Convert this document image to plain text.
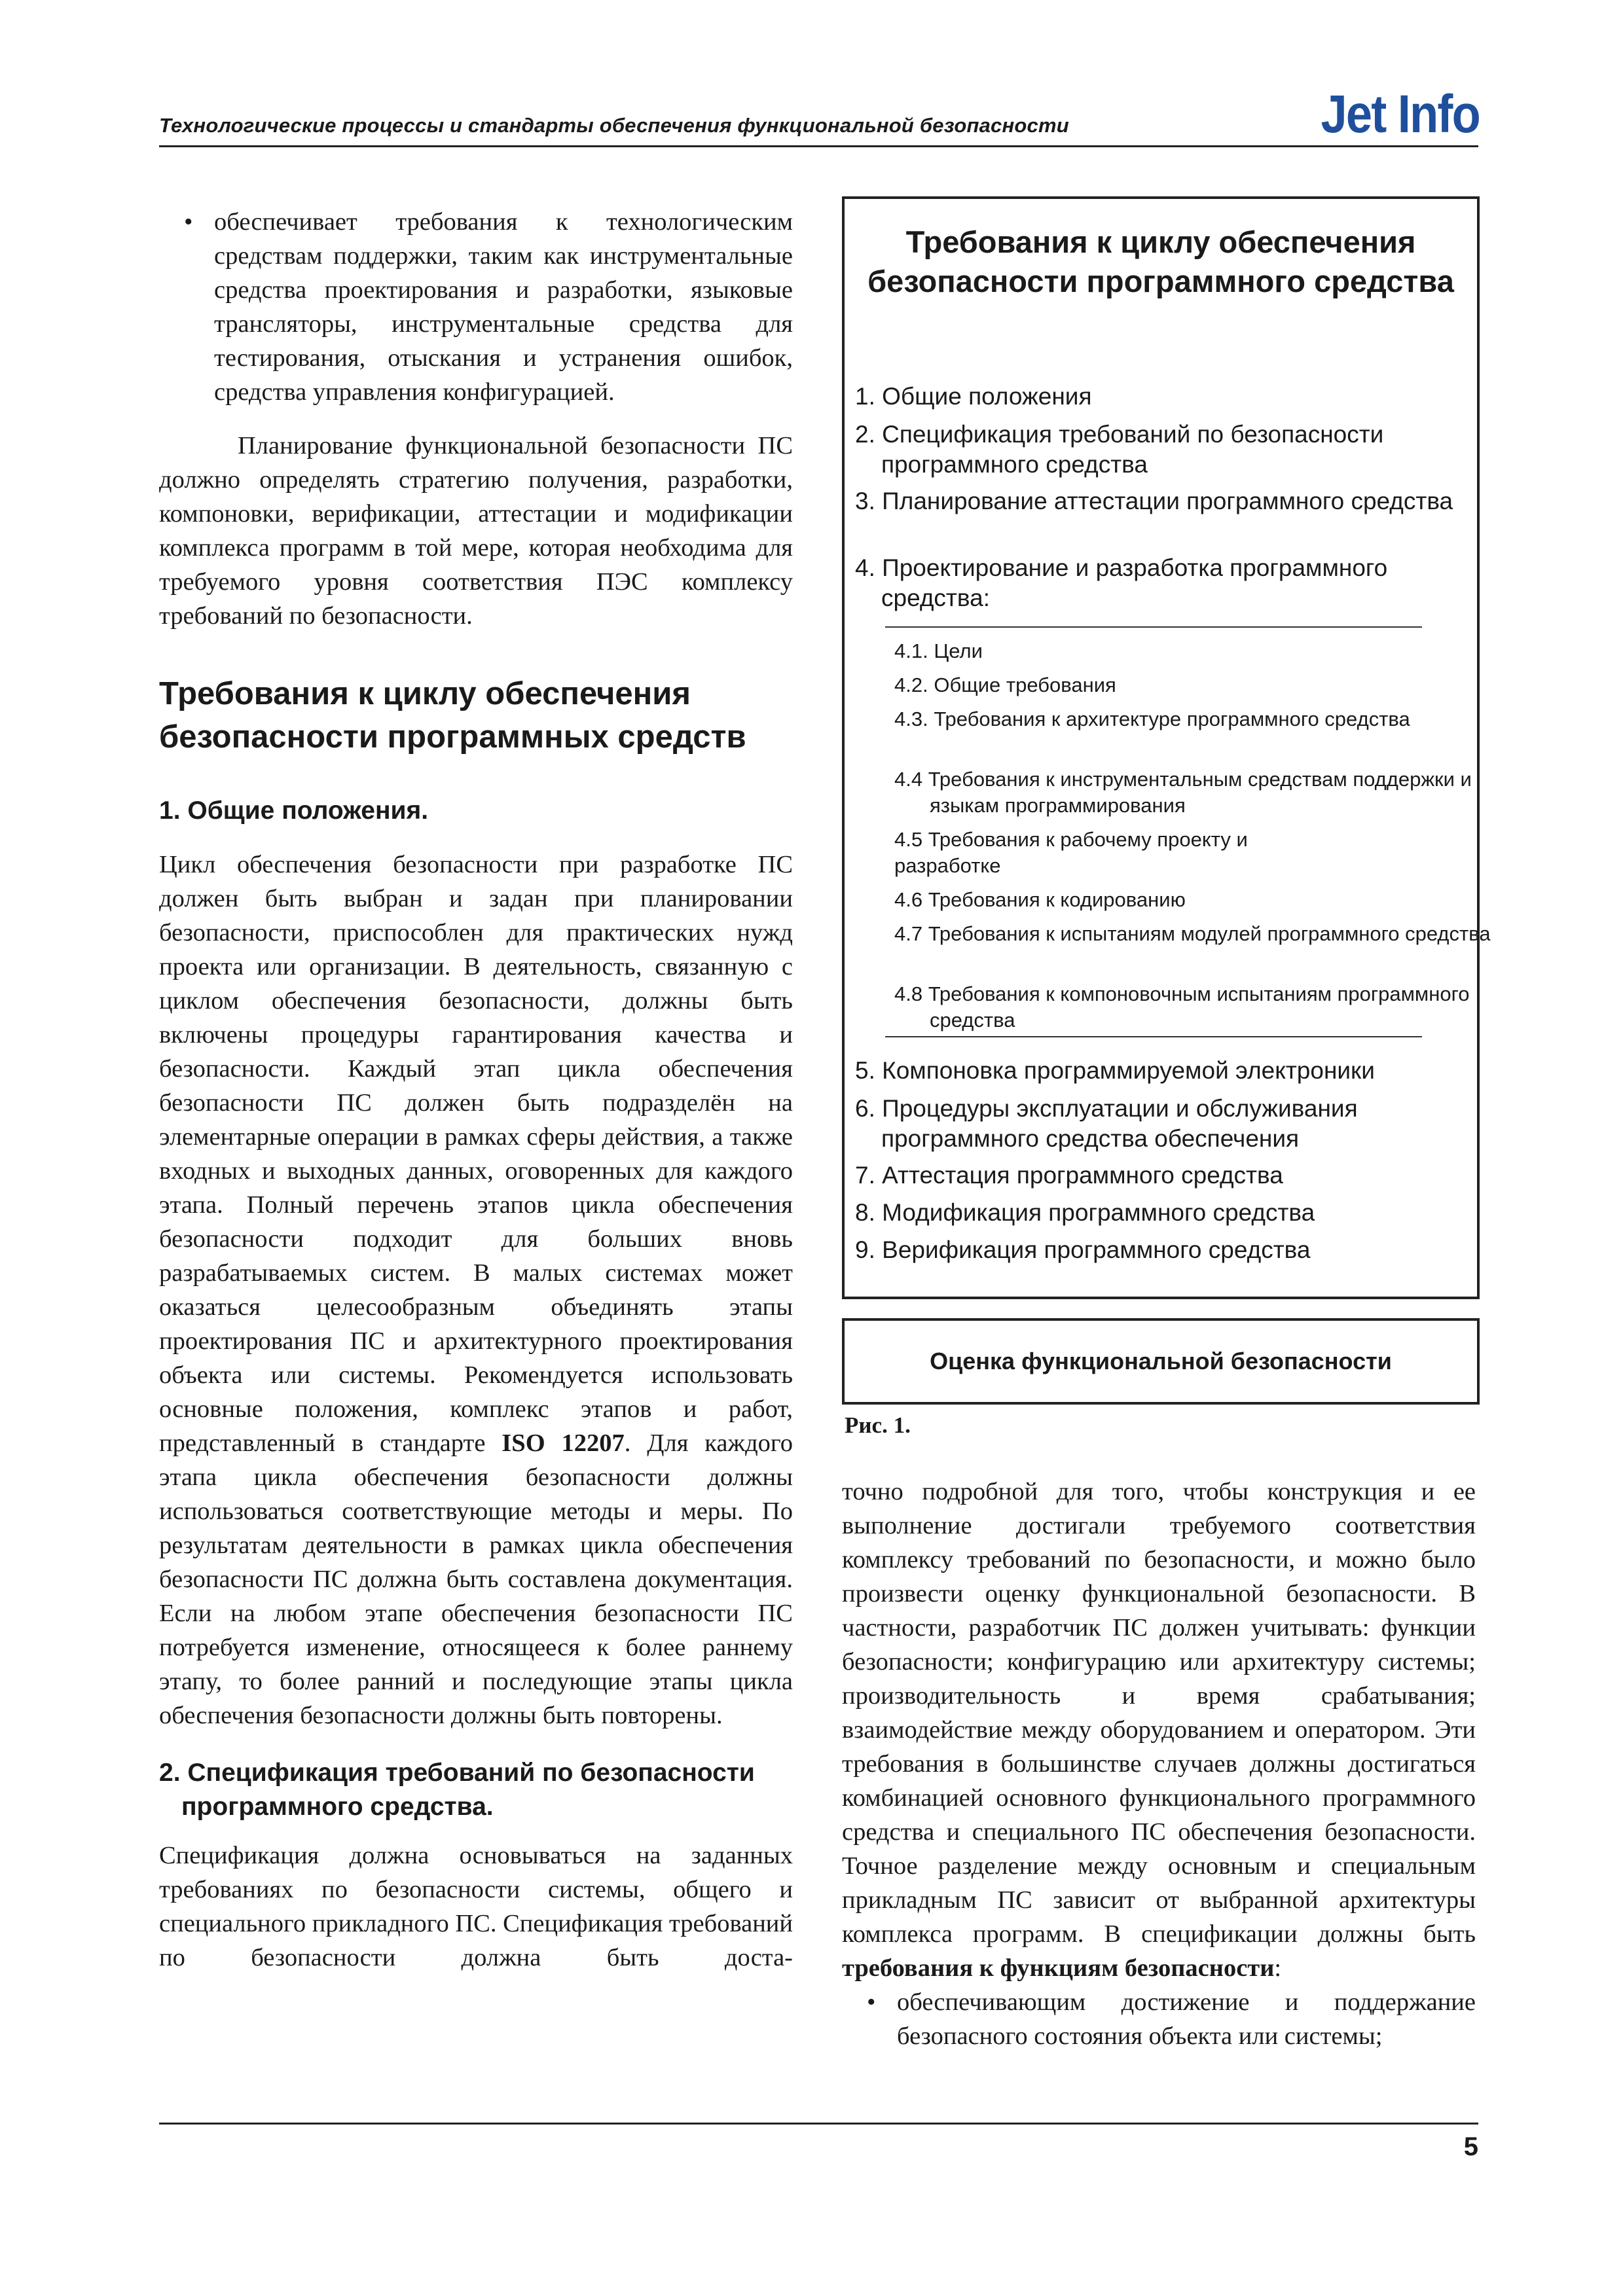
Технологические процессы и стандарты обеспечения функциональной безопасности	Jet Info

• обеспечивает требования к технологическим средствам поддержки, таким как инструментальные средства проектирования и разработки, языковые трансляторы, инструментальные средства для тестирования, отыскания и устранения ошибок, средства управления конфигурацией.

Планирование функциональной безопасности ПС должно определять стратегию получения, разработки, компоновки, верификации, аттестации и модификации комплекса программ в той мере, которая необходима для требуемого уровня соответствия ПЭС комплексу требований по безопасности.

Требования к циклу обеспечения безопасности программных средств
1. Общие положения.

Цикл обеспечения безопасности при разработке ПС должен быть выбран и задан при планировании безопасности, приспособлен для практических нужд проекта или организации. В деятельность, связанную с циклом обеспечения безопасности, должны быть включены процедуры гарантирования качества и безопасности. Каждый этап цикла обеспечения безопасности ПС должен быть подразделён на элементарные операции в рамках сферы действия, а также входных и выходных данных, оговоренных для каждого этапа. Полный перечень этапов цикла обеспечения безопасности подходит для больших вновь разрабатываемых систем. В малых системах может оказаться целесообразным объединять этапы проектирования ПС и архитектурного проектирования объекта или системы. Рекомендуется использовать основные положения, комплекс этапов и работ, представленный в стандарте ISO 12207. Для каждого этапа цикла обеспечения безопасности должны использоваться соответствующие методы и меры. По результатам деятельности в рамках цикла обеспечения безопасности ПС должна быть составлена документация. Если на любом этапе обеспечения безопасности ПС потребуется изменение, относящееся к более раннему этапу, то более ранний и последующие этапы цикла обеспечения безопасности должны быть повторены.

2. Спецификация требований по безопасности программного средства.

Спецификация должна основываться на заданных требованиях по безопасности системы, общего и специального прикладного ПС. Спецификация требований по безопасности должна быть доста-

Требования к циклу обеспечения безопасности программного средства
1. Общие положения
2. Спецификация требований по безопасности программного средства
3. Планирование аттестации программного средства
4. Проектирование и разработка программного средства:
4.1. Цели
4.2. Общие требования
4.3. Требования к архитектуре программного средства
4.4 Требования к инструментальным средствам поддержки и языкам программирования
4.5 Требования к рабочему проекту и разработке
4.6 Требования к кодированию
4.7 Требования к испытаниям модулей программного средства
4.8 Требования к компоновочным испытаниям программного средства
5. Компоновка программируемой электроники
6. Процедуры эксплуатации и обслуживания программного средства обеспечения
7. Аттестация программного средства
8. Модификация программного средства
9. Верификация программного средства
Оценка функциональной безопасности
Рис. 1.

точно подробной для того, чтобы конструкция и ее выполнение достигали требуемого соответствия комплексу требований по безопасности, и можно было произвести оценку функциональной безопасности. В частности, разработчик ПС должен учитывать: функции безопасности; конфигурацию или архитектуру системы; производительность и время срабатывания; взаимодействие между оборудованием и оператором. Эти требования в большинстве случаев должны достигаться комбинацией основного функционального программного средства и специального ПС обеспечения безопасности. Точное разделение между основным и специальным прикладным ПС зависит от выбранной архитектуры комплекса программ. В спецификации должны быть требования к функциям безопасности:

• обеспечивающим достижение и поддержание безопасного состояния объекта или системы;

5
